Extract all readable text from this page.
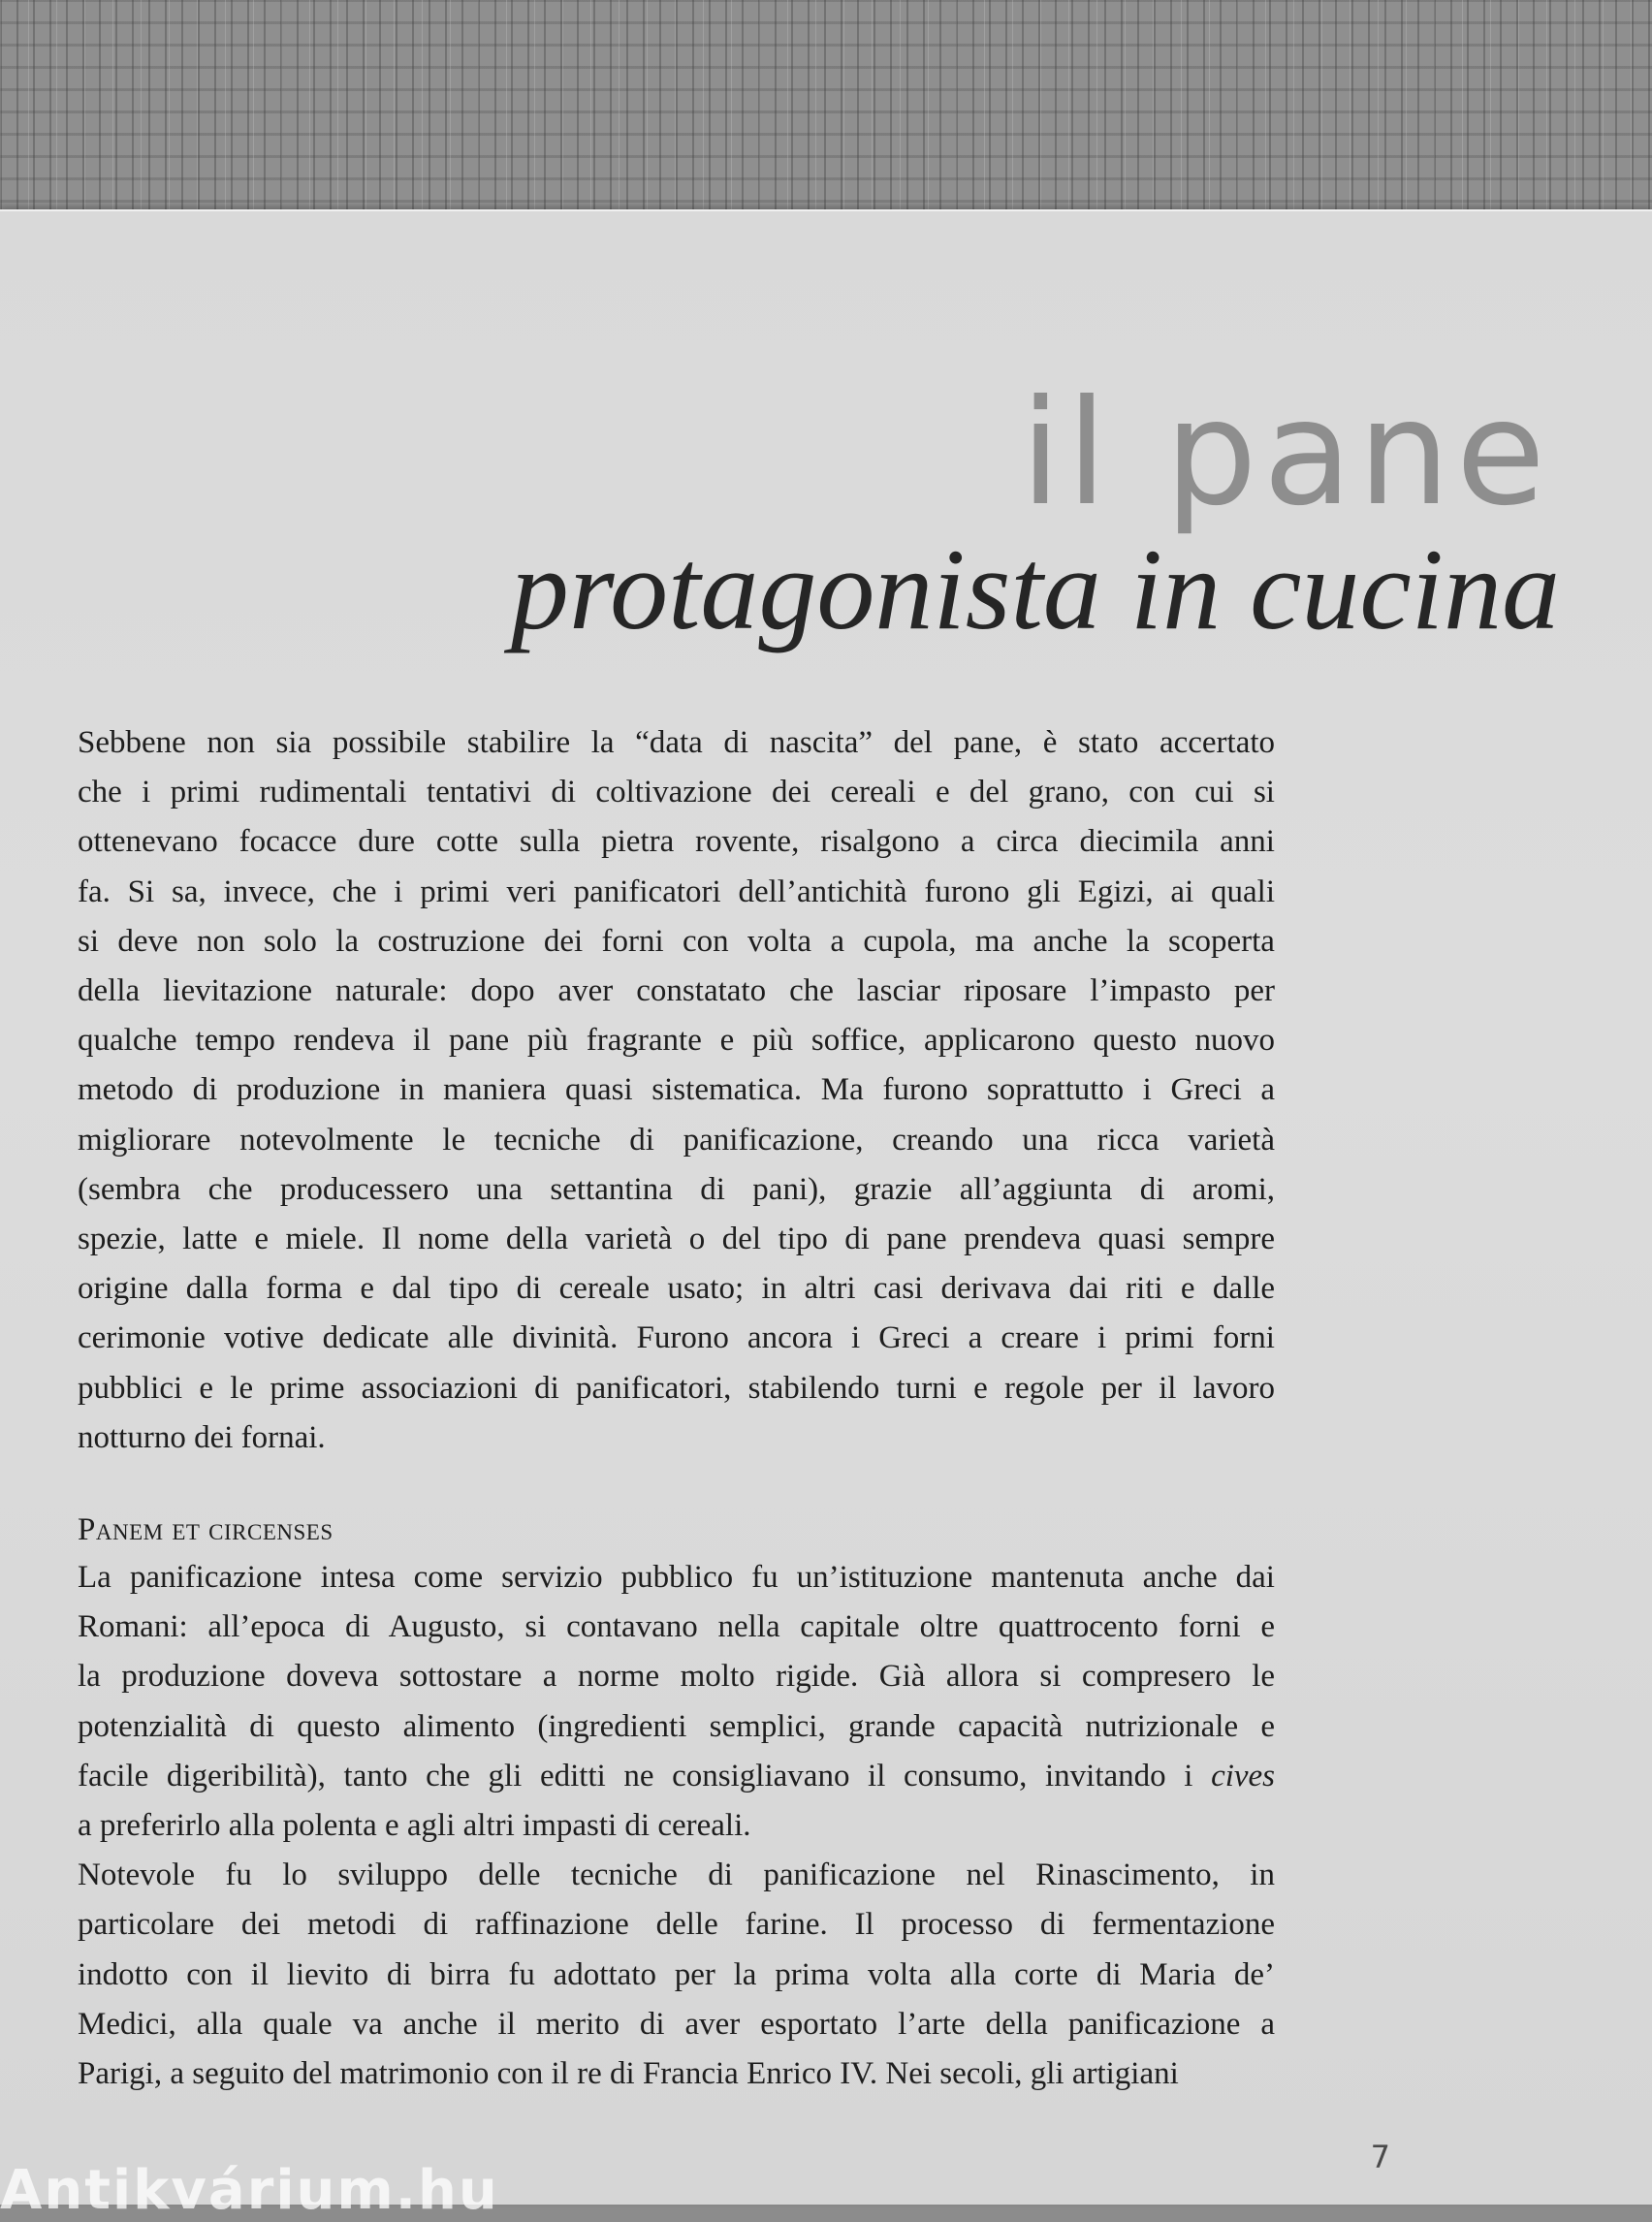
il pane
protagonista in cucina

Sebbene non sia possibile stabilire la “data di nascita” del pane, è stato accertato
che i primi rudimentali tentativi di coltivazione dei cereali e del grano, con cui si
ottenevano focacce dure cotte sulla pietra rovente, risalgono a circa diecimila anni
fa. Si sa, invece, che i primi veri panificatori dell’antichità furono gli Egizi, ai quali
si deve non solo la costruzione dei forni con volta a cupola, ma anche la scoperta
della lievitazione naturale: dopo aver constatato che lasciar riposare l’impasto per
qualche tempo rendeva il pane più fragrante e più soffice, applicarono questo nuovo
metodo di produzione in maniera quasi sistematica. Ma furono soprattutto i Greci a
migliorare notevolmente le tecniche di panificazione, creando una ricca varietà
(sembra che producessero una settantina di pani), grazie all’aggiunta di aromi,
spezie, latte e miele. Il nome della varietà o del tipo di pane prendeva quasi sempre
origine dalla forma e dal tipo di cereale usato; in altri casi derivava dai riti e dalle
cerimonie votive dedicate alle divinità. Furono ancora i Greci a creare i primi forni
pubblici e le prime associazioni di panificatori, stabilendo turni e regole per il lavoro
notturno dei fornai.

Panem et circenses

La panificazione intesa come servizio pubblico fu un’istituzione mantenuta anche dai
Romani: all’epoca di Augusto, si contavano nella capitale oltre quattrocento forni e
la produzione doveva sottostare a norme molto rigide. Già allora si compresero le
potenzialità di questo alimento (ingredienti semplici, grande capacità nutrizionale e
facile digeribilità), tanto che gli editti ne consigliavano il consumo, invitando i cives
a preferirlo alla polenta e agli altri impasti di cereali.

Notevole fu lo sviluppo delle tecniche di panificazione nel Rinascimento, in
particolare dei metodi di raffinazione delle farine. Il processo di fermentazione
indotto con il lievito di birra fu adottato per la prima volta alla corte di Maria de’
Medici, alla quale va anche il merito di aver esportato l’arte della panificazione a
Parigi, a seguito del matrimonio con il re di Francia Enrico IV. Nei secoli, gli artigiani

7
Antikvárium.hu
